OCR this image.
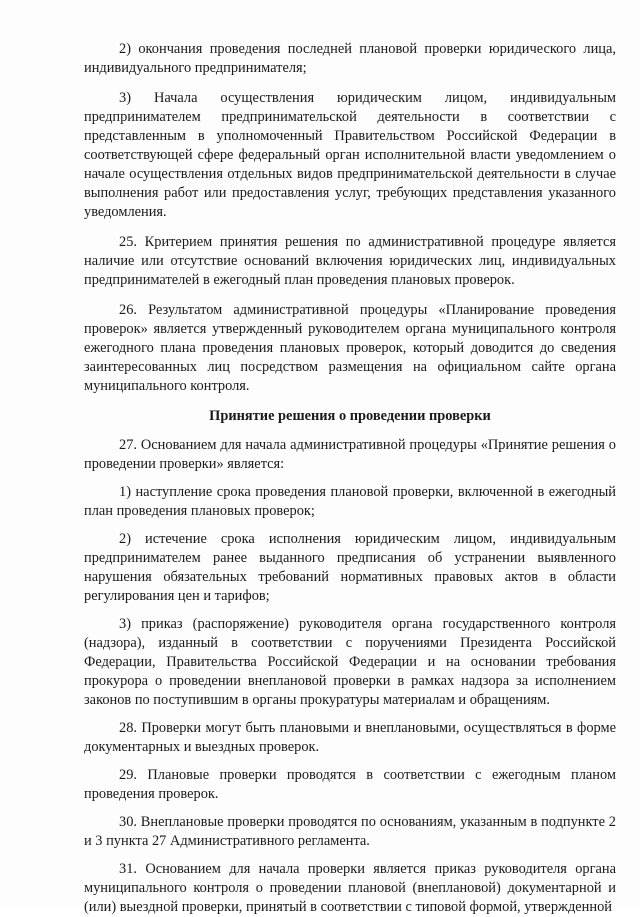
2) окончания проведения последней плановой проверки юридического лица, индивидуального предпринимателя;

3) Начала осуществления юридическим лицом, индивидуальным предпринимателем предпринимательской деятельности в соответствии с представленным в уполномоченный Правительством Российской Федерации в соответствующей сфере федеральный орган исполнительной власти уведомлением о начале осуществления отдельных видов предпринимательской деятельности в случае выполнения работ или предоставления услуг, требующих представления указанного уведомления.

25. Критерием принятия решения по административной процедуре является наличие или отсутствие оснований включения юридических лиц, индивидуальных предпринимателей в ежегодный план проведения плановых проверок.

26. Результатом административной процедуры «Планирование проведения проверок» является утвержденный руководителем органа муниципального контроля ежегодного плана проведения плановых проверок, который доводится до сведения заинтересованных лиц посредством размещения на официальном сайте органа муниципального контроля.

Принятие решения о проведении проверки

27. Основанием для начала административной процедуры «Принятие решения о проведении проверки» является:

1) наступление срока проведения плановой проверки, включенной в ежегодный план проведения плановых проверок;

2) истечение срока исполнения юридическим лицом, индивидуальным предпринимателем ранее выданного предписания об устранении выявленного нарушения обязательных требований нормативных правовых актов в области регулирования цен и тарифов;

3) приказ (распоряжение) руководителя органа государственного контроля (надзора), изданный в соответствии с поручениями Президента Российской Федерации, Правительства Российской Федерации и на основании требования прокурора о проведении внеплановой проверки в рамках надзора за исполнением законов по поступившим в органы прокуратуры материалам и обращениям.

28. Проверки могут быть плановыми и внеплановыми, осуществляться в форме документарных и выездных проверок.

29. Плановые проверки проводятся в соответствии с ежегодным планом проведения проверок.

30. Внеплановые проверки проводятся по основаниям, указанным в подпункте 2 и 3 пункта 27 Административного регламента.

31. Основанием для начала проверки является приказ руководителя органа муниципального контроля о проведении плановой (внеплановой) документарной и (или) выездной проверки, принятый в соответствии с типовой формой, утвержденной
